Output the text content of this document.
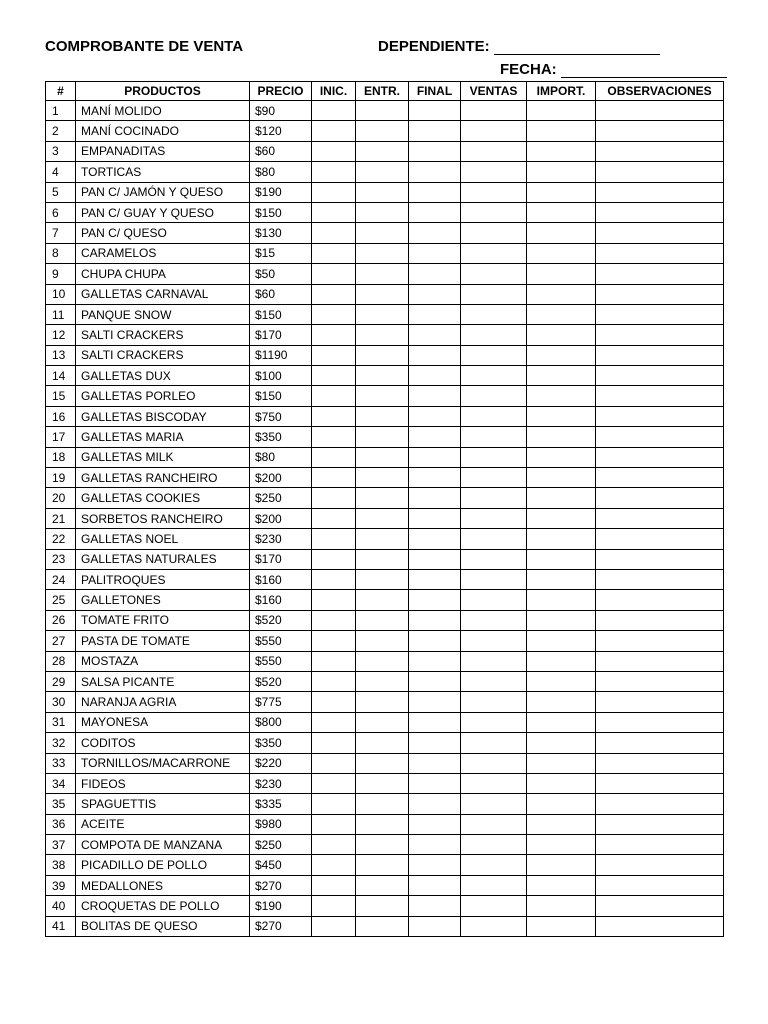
COMPROBANTE DE VENTA	DEPENDIENTE:
FECHA:
#	PRODUCTOS	PRECIO	INIC.	ENTR.	FINAL	VENTAS	IMPORT.	OBSERVACIONES
1	MANÍ MOLIDO	$90						
2	MANÍ COCINADO	$120						
3	EMPANADITAS	$60						
4	TORTICAS	$80						
5	PAN C/ JAMÓN Y QUESO	$190						
6	PAN C/ GUAY Y QUESO	$150						
7	PAN C/ QUESO	$130						
8	CARAMELOS	$15						
9	CHUPA CHUPA	$50						
10	GALLETAS CARNAVAL	$60						
11	PANQUE SNOW	$150						
12	SALTI CRACKERS	$170						
13	SALTI CRACKERS	$1190						
14	GALLETAS DUX	$100						
15	GALLETAS PORLEO	$150						
16	GALLETAS BISCODAY	$750						
17	GALLETAS MARIA	$350						
18	GALLETAS MILK	$80						
19	GALLETAS RANCHEIRO	$200						
20	GALLETAS COOKIES	$250						
21	SORBETOS RANCHEIRO	$200						
22	GALLETAS NOEL	$230						
23	GALLETAS NATURALES	$170						
24	PALITROQUES	$160						
25	GALLETONES	$160						
26	TOMATE FRITO	$520						
27	PASTA DE TOMATE	$550						
28	MOSTAZA	$550						
29	SALSA PICANTE	$520						
30	NARANJA AGRIA	$775						
31	MAYONESA	$800						
32	CODITOS	$350						
33	TORNILLOS/MACARRONE	$220						
34	FIDEOS	$230						
35	SPAGUETTIS	$335						
36	ACEITE	$980						
37	COMPOTA DE MANZANA	$250						
38	PICADILLO DE POLLO	$450						
39	MEDALLONES	$270						
40	CROQUETAS DE POLLO	$190						
41	BOLITAS DE QUESO	$270						
